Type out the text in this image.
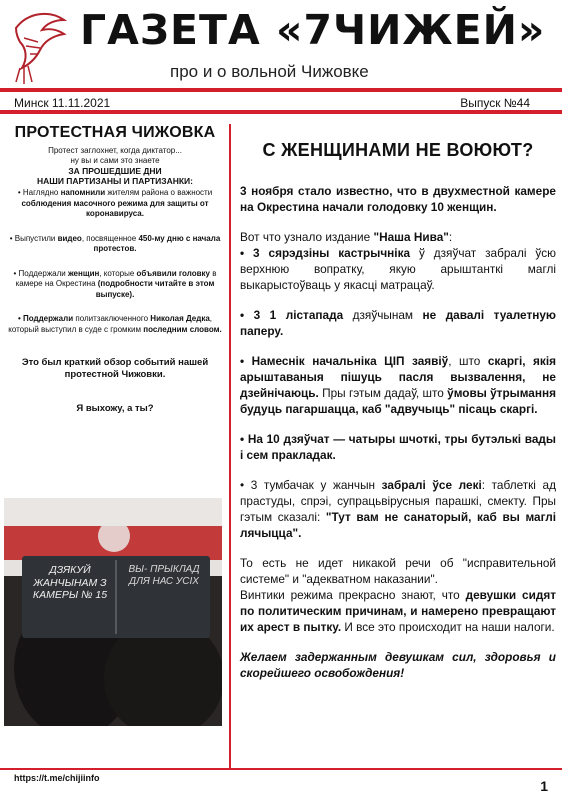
ГАЗЕТА «7ЧИЖЕЙ»
про и о вольной Чижовке
Минск 11.11.2021	Выпуск №44

ПРОТЕСТНАЯ ЧИЖОВКА

Протест заглохнет, когда диктатор...

ну вы и сами это знаете

ЗА ПРОШЕДШИЕ ДНИ

НАШИ ПАРТИЗАНЫ И ПАРТИЗАНКИ:

• Наглядно напомнили жителям района о важности соблюдения масочного режима для защиты от коронавируса.

• Выпустили видео, посвященное 450-му дню с начала протестов.

• Поддержали женщин, которые объявили головку в камере на Окрестина (подробности читайте в этом выпуске).

• Поддержали политзаключенного Николая Дедка, который выступил в суде с громким последним словом.

Это был краткий обзор событий нашей протестной Чижовки.

Я выхожу, а ты?

ДЗЯКУЙ ЖАНЧЫНАМ З КАМЕРЫ № 15
ВЫ- ПРЫКЛАД ДЛЯ НАС УСІХ

С ЖЕНЩИНАМИ НЕ ВОЮЮТ?

3 ноября стало известно, что в двухместной камере на Окрестина начали голодовку 10 женщин.

Вот что узнало издание "Наша Нива":
• 3 сярэдзіны кастрычніка ў дзяўчат забралі ўсю верхнюю вопратку, якую арыштанткі маглі выкарыстоўваць у якасці матрацаў.

• 3 1 лістапада дзяўчынам не давалі туалетную паперу.

• Намеснік начальніка ЦІП заявіў, што скаргі, якія арыштаваныя пішуць пасля вызвалення, не дзейнічаюць. Пры гэтым дадаў, што ўмовы ўтрымання будуць пагаршацца, каб "адвучыць" пісаць скаргі.

• На 10 дзяўчат — чатыры шчоткі, тры бутэлькі вады і сем пракладак.

• 3 тумбачак у жанчын забралі ўсе лекі: таблеткі ад прастуды, спрэі, супрацьвірусныя парашкі, смекту. Пры гэтым сказалі: "Тут вам не санаторый, каб вы маглі лячыцца".

То есть не идет никакой речи об "исправительной системе" и "адекватном наказании".
Винтики режима прекрасно знают, что девушки сидят по политическим причинам, и намерено превращают их арест в пытку. И все это происходит на наши налоги.

Желаем задержанным девушкам сил, здоровья и скорейшего освобождения!

https://t.me/chijiinfo	1
